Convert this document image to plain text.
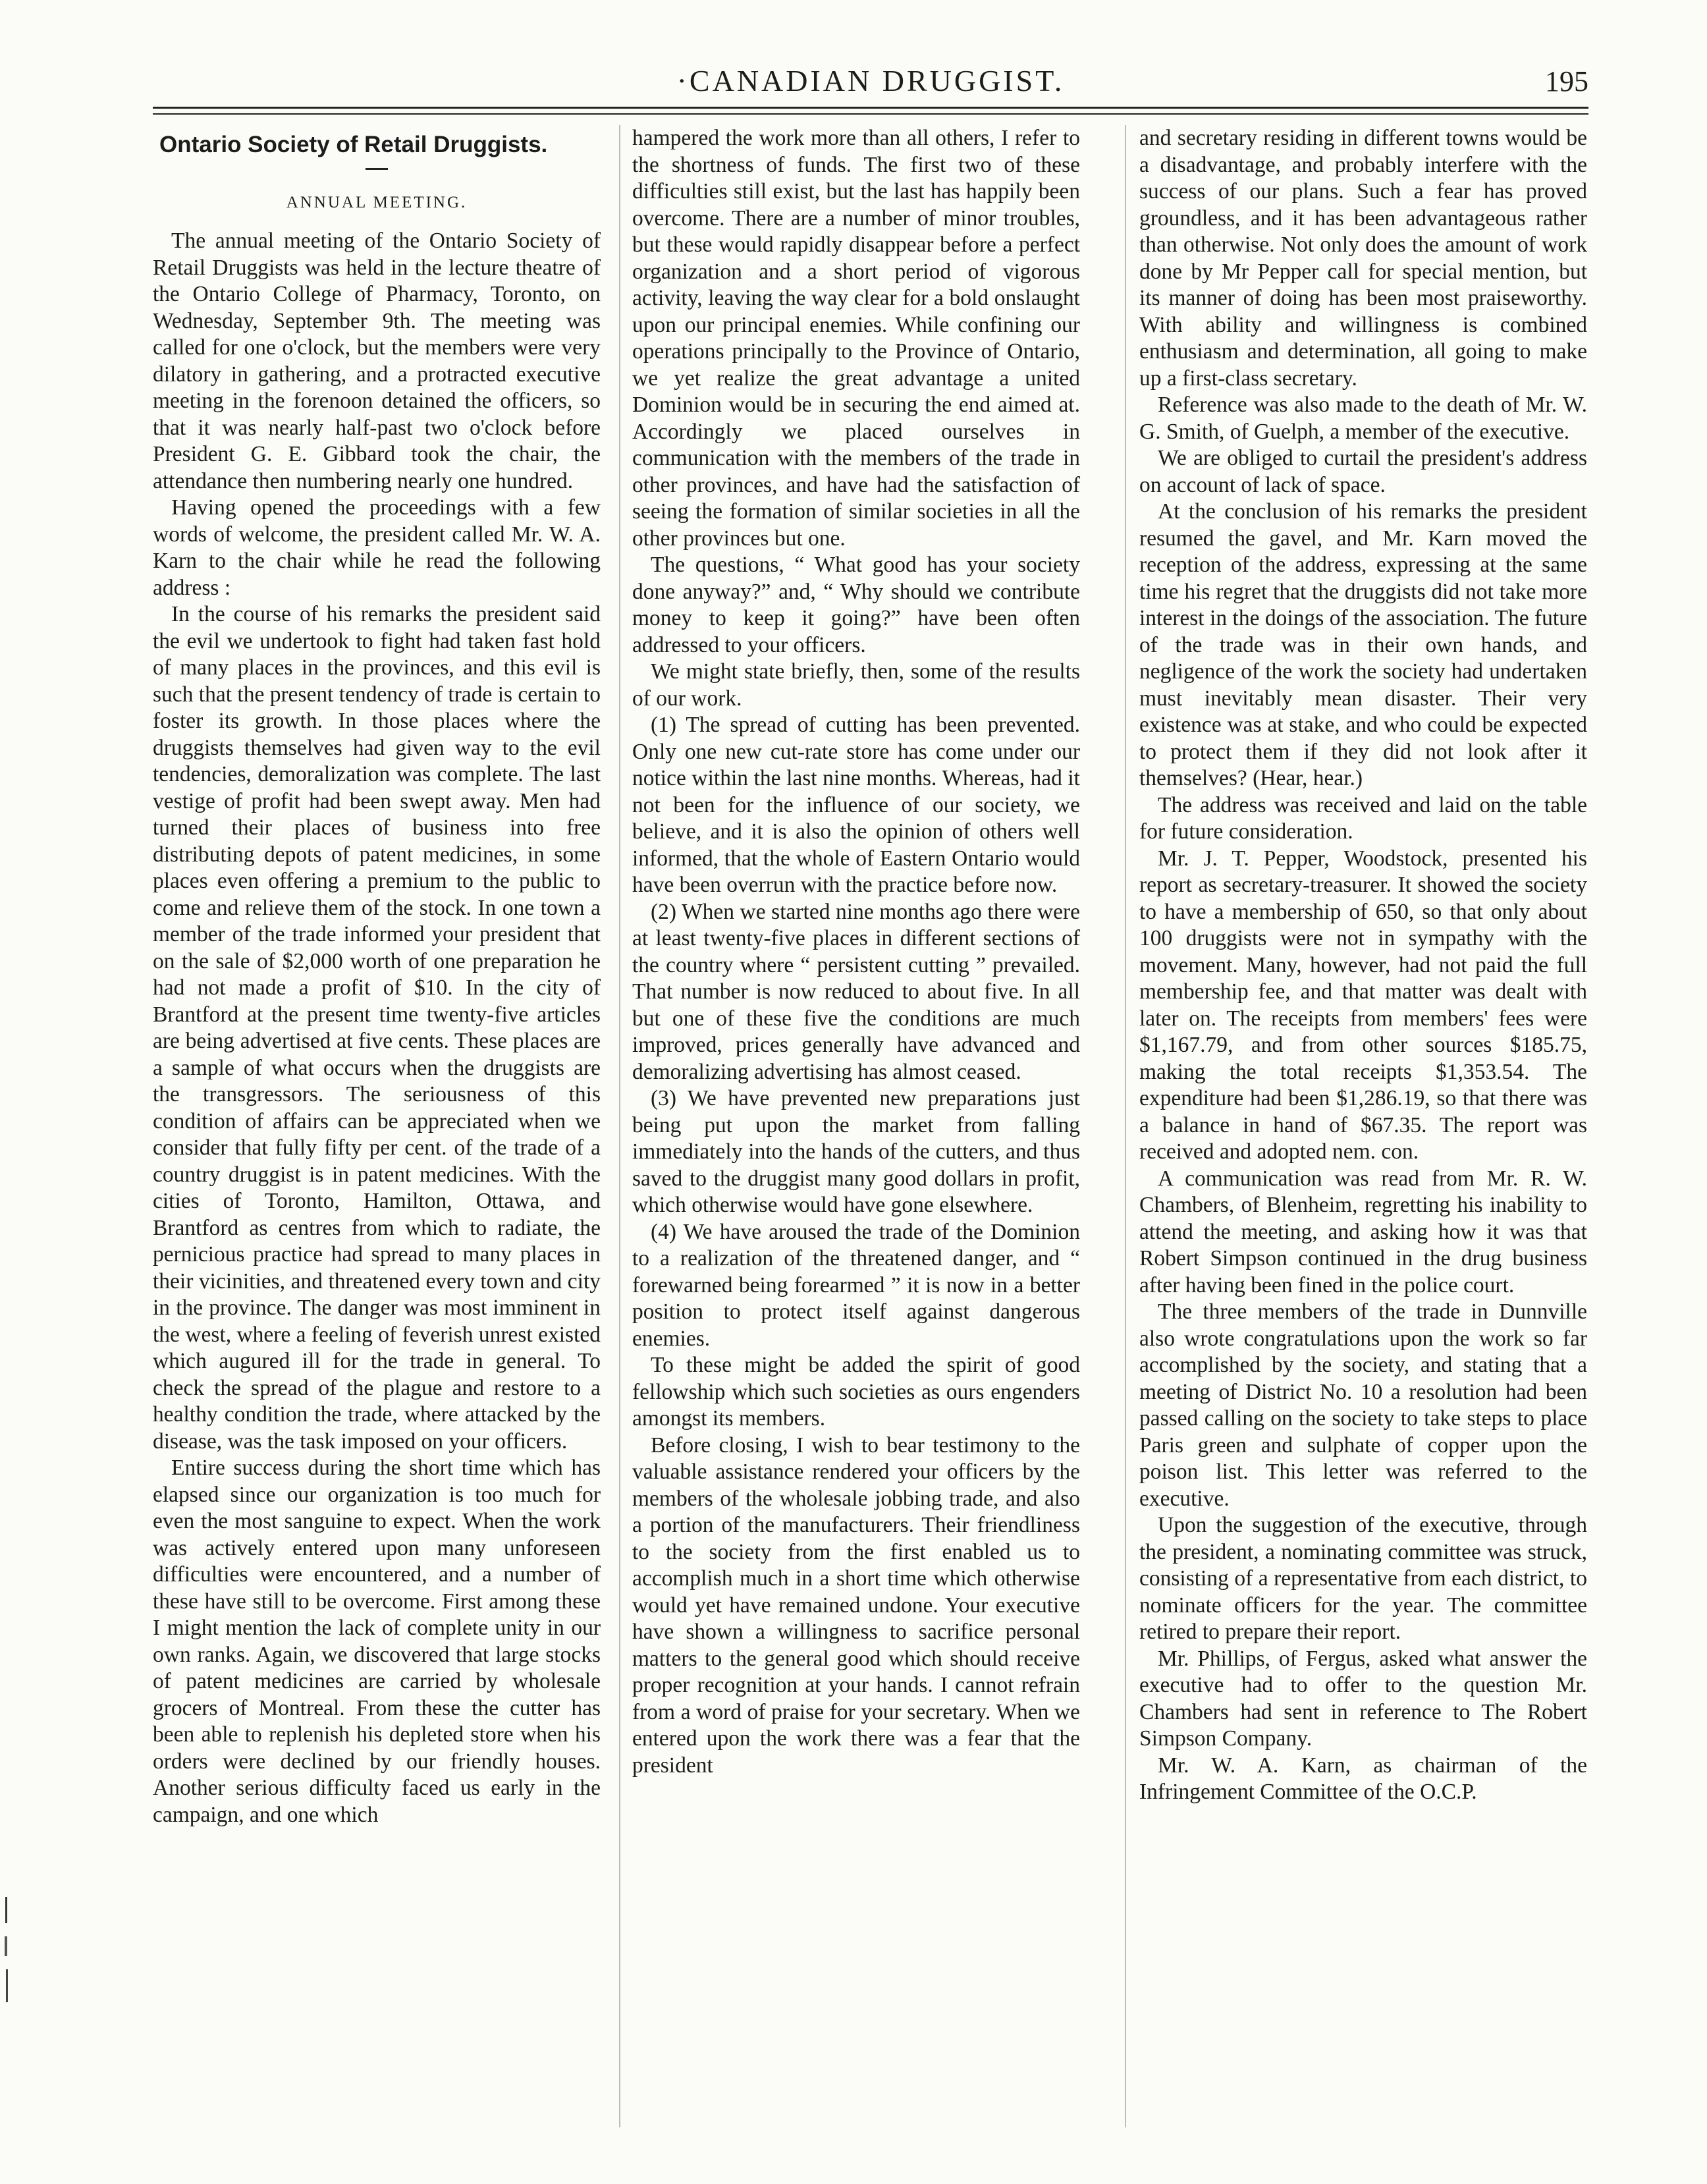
·CANADIAN DRUGGIST.	195
Ontario Society of Retail Druggists.
ANNUAL MEETING.

The annual meeting of the Ontario Society of Retail Druggists was held in the lecture theatre of the Ontario College of Pharmacy, Toronto, on Wednesday, September 9th. The meeting was called for one o'clock, but the members were very dilatory in gathering, and a protracted executive meeting in the forenoon detained the officers, so that it was nearly half-past two o'clock before President G. E. Gibbard took the chair, the attendance then numbering nearly one hundred.

Having opened the proceedings with a few words of welcome, the president called Mr. W. A. Karn to the chair while he read the following address :

In the course of his remarks the president said the evil we undertook to fight had taken fast hold of many places in the provinces, and this evil is such that the present tendency of trade is certain to foster its growth. In those places where the druggists themselves had given way to the evil tendencies, demoralization was complete. The last vestige of profit had been swept away. Men had turned their places of business into free distributing depots of patent medicines, in some places even offering a premium to the public to come and relieve them of the stock. In one town a member of the trade informed your president that on the sale of $2,000 worth of one preparation he had not made a profit of $10. In the city of Brantford at the present time twenty-five articles are being advertised at five cents. These places are a sample of what occurs when the druggists are the transgressors. The seriousness of this condition of affairs can be appreciated when we consider that fully fifty per cent. of the trade of a country druggist is in patent medicines. With the cities of Toronto, Hamilton, Ottawa, and Brantford as centres from which to radiate, the pernicious practice had spread to many places in their vicinities, and threatened every town and city in the province. The danger was most imminent in the west, where a feeling of feverish unrest existed which augured ill for the trade in general. To check the spread of the plague and restore to a healthy condition the trade, where attacked by the disease, was the task imposed on your officers.

Entire success during the short time which has elapsed since our organization is too much for even the most sanguine to expect. When the work was actively entered upon many unforeseen difficulties were encountered, and a number of these have still to be overcome. First among these I might mention the lack of complete unity in our own ranks. Again, we discovered that large stocks of patent medicines are carried by wholesale grocers of Montreal. From these the cutter has been able to replenish his depleted store when his orders were declined by our friendly houses. Another serious difficulty faced us early in the campaign, and one which

hampered the work more than all others, I refer to the shortness of funds. The first two of these difficulties still exist, but the last has happily been overcome. There are a number of minor troubles, but these would rapidly disappear before a perfect organization and a short period of vigorous activity, leaving the way clear for a bold onslaught upon our principal enemies. While confining our operations principally to the Province of Ontario, we yet realize the great advantage a united Dominion would be in securing the end aimed at. Accordingly we placed ourselves in communication with the members of the trade in other provinces, and have had the satisfaction of seeing the formation of similar societies in all the other provinces but one.

The questions, “ What good has your society done anyway?” and, “ Why should we contribute money to keep it going?” have been often addressed to your officers.

We might state briefly, then, some of the results of our work.

(1) The spread of cutting has been prevented. Only one new cut-rate store has come under our notice within the last nine months. Whereas, had it not been for the influence of our society, we believe, and it is also the opinion of others well informed, that the whole of Eastern Ontario would have been overrun with the practice before now.

(2) When we started nine months ago there were at least twenty-five places in different sections of the country where “ persistent cutting ” prevailed. That number is now reduced to about five. In all but one of these five the conditions are much improved, prices generally have advanced and demoralizing advertising has almost ceased.

(3) We have prevented new preparations just being put upon the market from falling immediately into the hands of the cutters, and thus saved to the druggist many good dollars in profit, which otherwise would have gone elsewhere.

(4) We have aroused the trade of the Dominion to a realization of the threatened danger, and “ forewarned being forearmed ” it is now in a better position to protect itself against dangerous enemies.

To these might be added the spirit of good fellowship which such societies as ours engenders amongst its members.

Before closing, I wish to bear testimony to the valuable assistance rendered your officers by the members of the wholesale jobbing trade, and also a portion of the manufacturers. Their friendliness to the society from the first enabled us to accomplish much in a short time which otherwise would yet have remained undone. Your executive have shown a willingness to sacrifice personal matters to the general good which should receive proper recognition at your hands. I cannot refrain from a word of praise for your secretary. When we entered upon the work there was a fear that the president

and secretary residing in different towns would be a disadvantage, and probably interfere with the success of our plans. Such a fear has proved groundless, and it has been advantageous rather than otherwise. Not only does the amount of work done by Mr Pepper call for special mention, but its manner of doing has been most praiseworthy. With ability and willingness is combined enthusiasm and determination, all going to make up a first-class secretary.

Reference was also made to the death of Mr. W. G. Smith, of Guelph, a member of the executive.

We are obliged to curtail the president's address on account of lack of space.

At the conclusion of his remarks the president resumed the gavel, and Mr. Karn moved the reception of the address, expressing at the same time his regret that the druggists did not take more interest in the doings of the association. The future of the trade was in their own hands, and negligence of the work the society had undertaken must inevitably mean disaster. Their very existence was at stake, and who could be expected to protect them if they did not look after it themselves? (Hear, hear.)

The address was received and laid on the table for future consideration.

Mr. J. T. Pepper, Woodstock, presented his report as secretary-treasurer. It showed the society to have a membership of 650, so that only about 100 druggists were not in sympathy with the movement. Many, however, had not paid the full membership fee, and that matter was dealt with later on. The receipts from members' fees were $1,167.79, and from other sources $185.75, making the total receipts $1,353.54. The expenditure had been $1,286.19, so that there was a balance in hand of $67.35. The report was received and adopted nem. con.

A communication was read from Mr. R. W. Chambers, of Blenheim, regretting his inability to attend the meeting, and asking how it was that Robert Simpson continued in the drug business after having been fined in the police court.

The three members of the trade in Dunnville also wrote congratulations upon the work so far accomplished by the society, and stating that a meeting of District No. 10 a resolution had been passed calling on the society to take steps to place Paris green and sulphate of copper upon the poison list. This letter was referred to the executive.

Upon the suggestion of the executive, through the president, a nominating committee was struck, consisting of a representative from each district, to nominate officers for the year. The committee retired to prepare their report.

Mr. Phillips, of Fergus, asked what answer the executive had to offer to the question Mr. Chambers had sent in reference to The Robert Simpson Company.

Mr. W. A. Karn, as chairman of the Infringement Committee of the O.C.P.
